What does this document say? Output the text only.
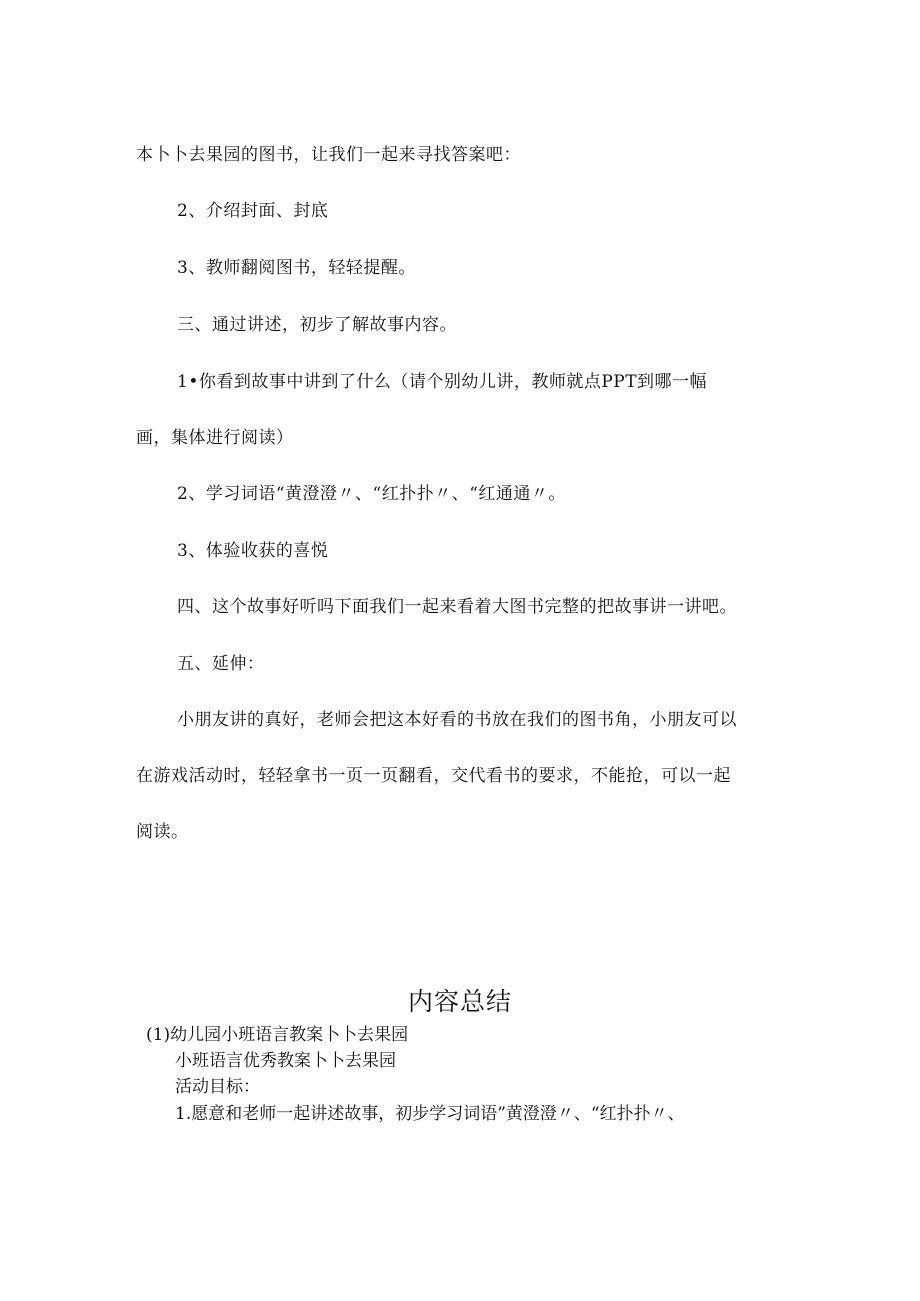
本卜卜去果园的图书，让我们一起来寻找答案吧：
2、介绍封面、封底
3、教师翻阅图书，轻轻提醒。
三、通过讲述，初步了解故事内容。
1•你看到故事中讲到了什么（请个别幼儿讲，教师就点PPT到哪一幅
画，集体进行阅读）
2、学习词语“黄澄澄〃、“红扑扑〃、“红通通〃。
3、体验收获的喜悦
四、这个故事好听吗下面我们一起来看着大图书完整的把故事讲一讲吧。
五、延伸：
小朋友讲的真好，老师会把这本好看的书放在我们的图书角，小朋友可以
在游戏活动时，轻轻拿书一页一页翻看，交代看书的要求，不能抢，可以一起
阅读。
内容总结
(1)幼儿园小班语言教案卜卜去果园
小班语言优秀教案卜卜去果园
活动目标：
1.愿意和老师一起讲述故事，初步学习词语”黄澄澄〃、“红扑扑〃、
